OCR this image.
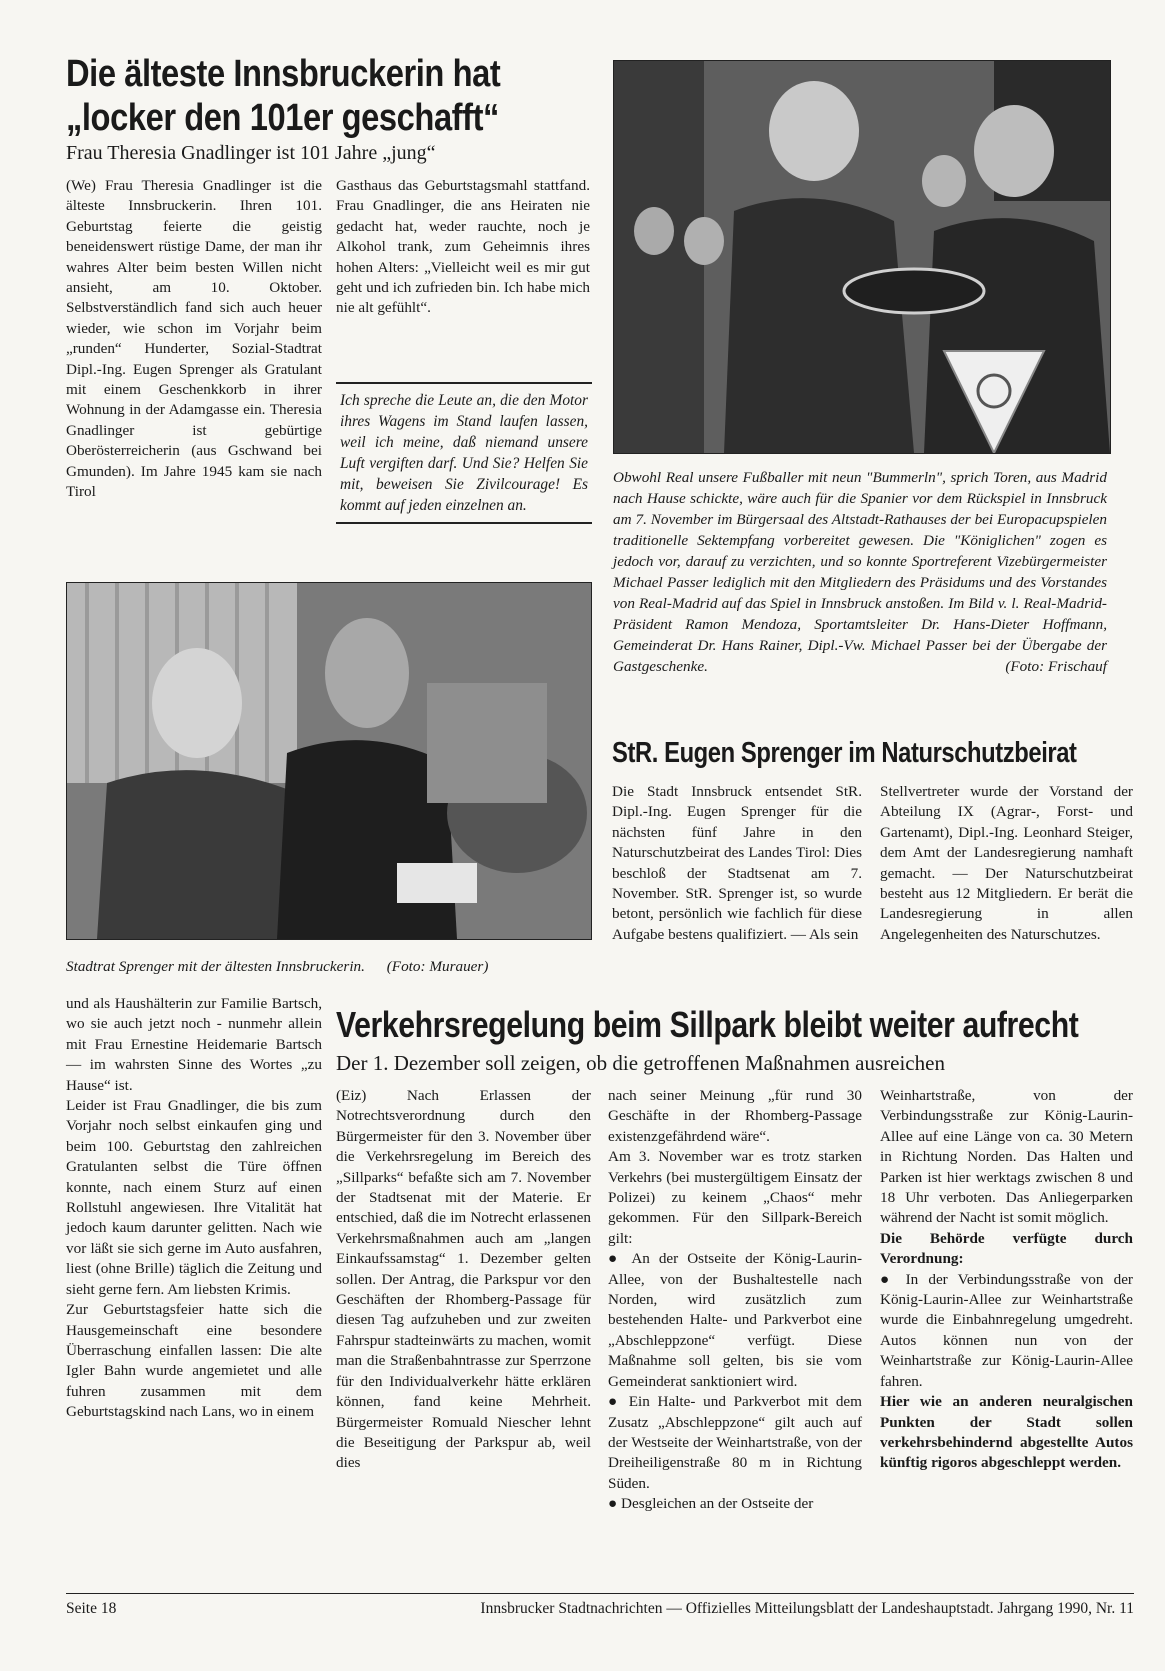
Die älteste Innsbruckerin hat
„locker den 101er geschafft“

Frau Theresia Gnadlinger ist 101 Jahre „jung“

(We) Frau Theresia Gnadlinger ist die älteste Innsbruckerin. Ihren 101. Geburtstag feierte die geistig beneidenswert rüstige Dame, der man ihr wahres Alter beim besten Willen nicht ansieht, am 10. Oktober. Selbstverständlich fand sich auch heuer wieder, wie schon im Vorjahr beim „runden“ Hunderter, Sozial-Stadtrat Dipl.-Ing. Eugen Sprenger als Gratulant mit einem Geschenkkorb in ihrer Wohnung in der Adamgasse ein. Theresia Gnadlinger ist gebürtige Oberösterreicherin (aus Gschwand bei Gmunden). Im Jahre 1945 kam sie nach Tirol

Gasthaus das Geburtstagsmahl stattfand. Frau Gnadlinger, die ans Heiraten nie gedacht hat, weder rauchte, noch je Alkohol trank, zum Geheimnis ihres hohen Alters: „Vielleicht weil es mir gut geht und ich zufrieden bin. Ich habe mich nie alt gefühlt“.

Ich spreche die Leute an, die den Motor ihres Wagens im Stand laufen lassen, weil ich meine, daß niemand unsere Luft vergiften darf. Und Sie? Helfen Sie mit, beweisen Sie Zivilcourage! Es kommt auf jeden einzelnen an.
Obwohl Real unsere Fußballer mit neun "Bummerln", sprich Toren, aus Madrid nach Hause schickte, wäre auch für die Spanier vor dem Rückspiel in Innsbruck am 7. November im Bürgersaal des Altstadt-Rathauses der bei Europacupspielen traditionelle Sektempfang vorbereitet gewesen. Die "Königlichen" zogen es jedoch vor, darauf zu verzichten, und so konnte Sportreferent Vizebürgermeister Michael Passer lediglich mit den Mitgliedern des Präsidums und des Vorstandes von Real-Madrid auf das Spiel in Innsbruck anstoßen. Im Bild v. l. Real-Madrid-Präsident Ramon Mendoza, Sportamtsleiter Dr. Hans-Dieter Hoffmann, Gemeinderat Dr. Hans Rainer, Dipl.-Vw. Michael Passer bei der Übergabe der Gastgeschenke.	(Foto: Frischauf
Stadtrat Sprenger mit der ältesten Innsbruckerin. (Foto: Murauer)
StR. Eugen Sprenger im Naturschutzbeirat

Die Stadt Innsbruck entsendet StR. Dipl.-Ing. Eugen Sprenger für die nächsten fünf Jahre in den Naturschutzbeirat des Landes Tirol: Dies beschloß der Stadtsenat am 7. November. StR. Sprenger ist, so wurde betont, persönlich wie fachlich für diese Aufgabe bestens qualifiziert. — Als sein

Stellvertreter wurde der Vorstand der Abteilung IX (Agrar-, Forst- und Gartenamt), Dipl.-Ing. Leonhard Steiger, dem Amt der Landesregierung namhaft gemacht. — Der Naturschutzbeirat besteht aus 12 Mitgliedern. Er berät die Landesregierung in allen Angelegenheiten des Naturschutzes.

und als Haushälterin zur Familie Bartsch, wo sie auch jetzt noch - nunmehr allein mit Frau Ernestine Heidemarie Bartsch — im wahrsten Sinne des Wortes „zu Hause“ ist.

Leider ist Frau Gnadlinger, die bis zum Vorjahr noch selbst einkaufen ging und beim 100. Geburtstag den zahlreichen Gratulanten selbst die Türe öffnen konnte, nach einem Sturz auf einen Rollstuhl angewiesen. Ihre Vitalität hat jedoch kaum darunter gelitten. Nach wie vor läßt sie sich gerne im Auto ausfahren, liest (ohne Brille) täglich die Zeitung und sieht gerne fern. Am liebsten Krimis.

Zur Geburtstagsfeier hatte sich die Hausgemeinschaft eine besondere Überraschung einfallen lassen: Die alte Igler Bahn wurde angemietet und alle fuhren zusammen mit dem Geburtstagskind nach Lans, wo in einem

Verkehrsregelung beim Sillpark bleibt weiter aufrecht

Der 1. Dezember soll zeigen, ob die getroffenen Maßnahmen ausreichen

(Eiz) Nach Erlassen der Notrechtsverordnung durch den Bürgermeister für den 3. November über die Verkehrsregelung im Bereich des „Sillparks“ befaßte sich am 7. November der Stadtsenat mit der Materie. Er entschied, daß die im Notrecht erlassenen Verkehrsmaßnahmen auch am „langen Einkaufssamstag“ 1. Dezember gelten sollen. Der Antrag, die Parkspur vor den Geschäften der Rhomberg-Passage für diesen Tag aufzuheben und zur zweiten Fahrspur stadteinwärts zu machen, womit man die Straßenbahntrasse zur Sperrzone für den Individualverkehr hätte erklären können, fand keine Mehrheit. Bürgermeister Romuald Niescher lehnt die Beseitigung der Parkspur ab, weil dies

nach seiner Meinung „für rund 30 Geschäfte in der Rhomberg-Passage existenzgefährdend wäre“.

Am 3. November war es trotz starken Verkehrs (bei mustergültigem Einsatz der Polizei) zu keinem „Chaos“ mehr gekommen. Für den Sillpark-Bereich gilt:

● An der Ostseite der König-Laurin-Allee, von der Bushaltestelle nach Norden, wird zusätzlich zum bestehenden Halte- und Parkverbot eine „Abschleppzone“ verfügt. Diese Maßnahme soll gelten, bis sie vom Gemeinderat sanktioniert wird.

● Ein Halte- und Parkverbot mit dem Zusatz „Abschleppzone“ gilt auch auf der Westseite der Weinhartstraße, von der Dreiheiligenstraße 80 m in Richtung Süden.

● Desgleichen an der Ostseite der

Weinhartstraße, von der Verbindungsstraße zur König-Laurin-Allee auf eine Länge von ca. 30 Metern in Richtung Norden. Das Halten und Parken ist hier werktags zwischen 8 und 18 Uhr verboten. Das Anliegerparken während der Nacht ist somit möglich.

Die Behörde verfügte durch Verordnung:

● In der Verbindungsstraße von der König-Laurin-Allee zur Weinhartstraße wurde die Einbahnregelung umgedreht. Autos können nun von der Weinhartstraße zur König-Laurin-Allee fahren.

Hier wie an anderen neuralgischen Punkten der Stadt sollen verkehrsbehindernd abgestellte Autos künftig rigoros abgeschleppt werden.

Seite 18	Innsbrucker Stadtnachrichten — Offizielles Mitteilungsblatt der Landeshauptstadt. Jahrgang 1990, Nr. 11
